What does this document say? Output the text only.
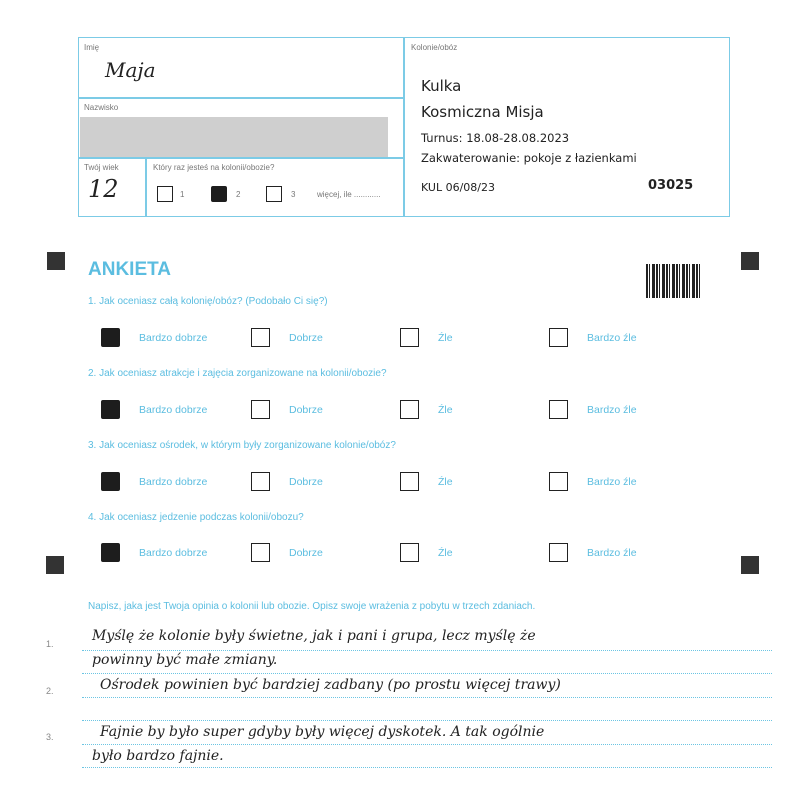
Imię
Maja
Nazwisko
Twój wiek
12
Który raz jesteś na kolonii/obozie?
1	2	3	więcej, ile ............
Kolonie/obóz
Kulka
Kosmiczna Misja
Turnus: 18.08-28.08.2023
Zakwaterowanie: pokoje z łazienkami
KUL 06/08/23	03025
ANKIETA
1. Jak oceniasz całą kolonię/obóz? (Podobało Ci się?)
Bardzo dobrze	Dobrze	Źle	Bardzo źle
2. Jak oceniasz atrakcje i zajęcia zorganizowane na kolonii/obozie?
Bardzo dobrze	Dobrze	Źle	Bardzo źle
3. Jak oceniasz ośrodek, w którym były zorganizowane kolonie/obóz?
Bardzo dobrze	Dobrze	Źle	Bardzo źle
4. Jak oceniasz jedzenie podczas kolonii/obozu?
Bardzo dobrze	Dobrze	Źle	Bardzo źle
Napisz, jaka jest Twoja opinia o kolonii lub obozie. Opisz swoje wrażenia z pobytu w trzech zdaniach.
1.
2.
3.
Myślę że kolonie były świetne, jak i pani i grupa, lecz myślę że
powinny być małe zmiany.
Ośrodek powinien być bardziej zadbany (po prostu więcej trawy)
Fajnie by było super gdyby były więcej dyskotek. A tak ogólnie
było bardzo fajnie.
